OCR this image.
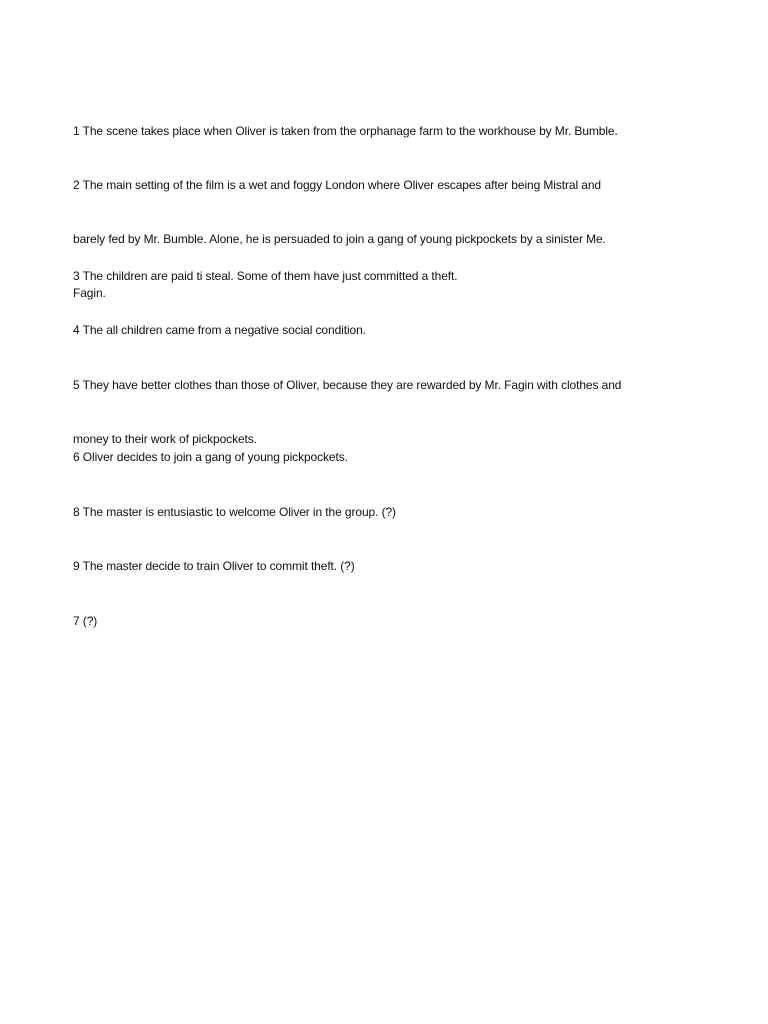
1 The scene takes place when Oliver is taken from the orphanage farm to the workhouse by Mr. Bumble.

2 The main setting of the film is a wet and foggy London where Oliver escapes after being Mistral and

barely fed by Mr. Bumble. Alone, he is persuaded to join a gang of young pickpockets by a sinister Me.

Fagin.

3 The children are paid ti steal. Some of them have just committed a theft.

4 The all children came from a negative social condition.

5 They have better clothes than those of Oliver, because they are rewarded by Mr. Fagin with clothes and

money to their work of pickpockets.

6 Oliver decides to join a gang of young pickpockets.

8 The master is entusiastic to welcome Oliver in the group. (?)

9 The master decide to train Oliver to commit theft. (?)

7 (?)
